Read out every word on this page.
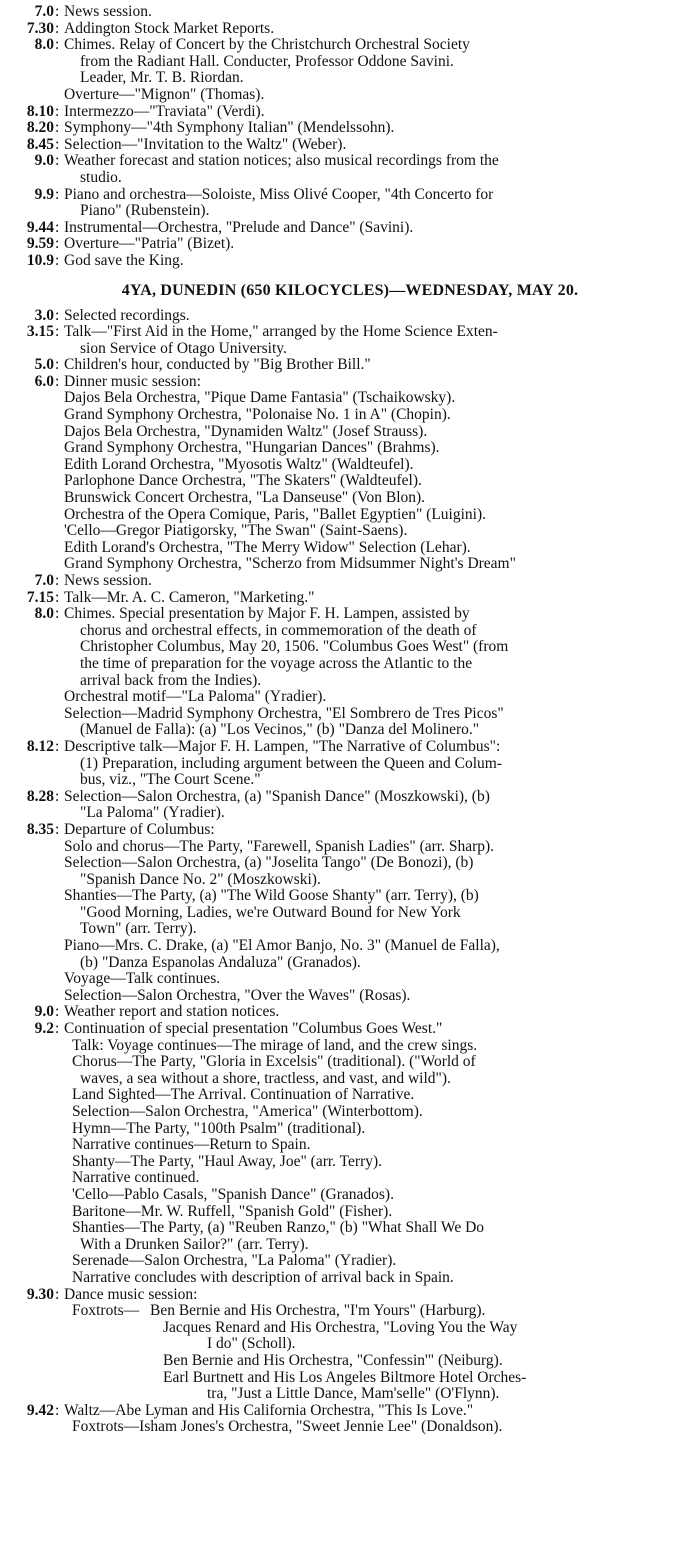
7.0 : News session.
7.30 : Addington Stock Market Reports.
8.0 : Chimes. Relay of Concert by the Christchurch Orchestral Society
from the Radiant Hall. Conducter, Professor Oddone Savini.
Leader, Mr. T. B. Riordan.
Overture—"Mignon" (Thomas).
8.10 : Intermezzo—"Traviata" (Verdi).
8.20 : Symphony—"4th Symphony Italian" (Mendelssohn).
8.45 : Selection—"Invitation to the Waltz" (Weber).
9.0 : Weather forecast and station notices; also musical recordings from the
studio.
9.9 : Piano and orchestra—Soloiste, Miss Olivé Cooper, "4th Concerto for
Piano" (Rubenstein).
9.44 : Instrumental—Orchestra, "Prelude and Dance" (Savini).
9.59 : Overture—"Patria" (Bizet).
10.9 : God save the King.
4YA, DUNEDIN (650 KILOCYCLES)—WEDNESDAY, MAY 20.
3.0 : Selected recordings.
3.15 : Talk—"First Aid in the Home," arranged by the Home Science Exten-
sion Service of Otago University.
5.0 : Children's hour, conducted by "Big Brother Bill."
6.0 : Dinner music session:
Dajos Bela Orchestra, "Pique Dame Fantasia" (Tschaikowsky).
Grand Symphony Orchestra, "Polonaise No. 1 in A" (Chopin).
Dajos Bela Orchestra, "Dynamiden Waltz" (Josef Strauss).
Grand Symphony Orchestra, "Hungarian Dances" (Brahms).
Edith Lorand Orchestra, "Myosotis Waltz" (Waldteufel).
Parlophone Dance Orchestra, "The Skaters" (Waldteufel).
Brunswick Concert Orchestra, "La Danseuse" (Von Blon).
Orchestra of the Opera Comique, Paris, "Ballet Egyptien" (Luigini).
'Cello—Gregor Piatigorsky, "The Swan" (Saint-Saens).
Edith Lorand's Orchestra, "The Merry Widow" Selection (Lehar).
Grand Symphony Orchestra, "Scherzo from Midsummer Night's Dream"
7.0 : News session.
7.15 : Talk—Mr. A. C. Cameron, "Marketing."
8.0 : Chimes. Special presentation by Major F. H. Lampen, assisted by
chorus and orchestral effects, in commemoration of the death of
Christopher Columbus, May 20, 1506. "Columbus Goes West" (from
the time of preparation for the voyage across the Atlantic to the
arrival back from the Indies).
Orchestral motif—"La Paloma" (Yradier).
Selection—Madrid Symphony Orchestra, "El Sombrero de Tres Picos"
(Manuel de Falla): (a) "Los Vecinos," (b) "Danza del Molinero."
8.12 : Descriptive talk—Major F. H. Lampen, "The Narrative of Columbus":
(1) Preparation, including argument between the Queen and Colum-
bus, viz., "The Court Scene."
8.28 : Selection—Salon Orchestra, (a) "Spanish Dance" (Moszkowski), (b)
"La Paloma" (Yradier).
8.35 : Departure of Columbus:
Solo and chorus—The Party, "Farewell, Spanish Ladies" (arr. Sharp).
Selection—Salon Orchestra, (a) "Joselita Tango" (De Bonozi), (b)
"Spanish Dance No. 2" (Moszkowski).
Shanties—The Party, (a) "The Wild Goose Shanty" (arr. Terry), (b)
"Good Morning, Ladies, we're Outward Bound for New York
Town" (arr. Terry).
Piano—Mrs. C. Drake, (a) "El Amor Banjo, No. 3" (Manuel de Falla),
(b) "Danza Espanolas Andaluza" (Granados).
Voyage—Talk continues.
Selection—Salon Orchestra, "Over the Waves" (Rosas).
9.0 : Weather report and station notices.
9.2 : Continuation of special presentation "Columbus Goes West."
Talk: Voyage continues—The mirage of land, and the crew sings.
Chorus—The Party, "Gloria in Excelsis" (traditional). ("World of
waves, a sea without a shore, tractless, and vast, and wild").
Land Sighted—The Arrival. Continuation of Narrative.
Selection—Salon Orchestra, "America" (Winterbottom).
Hymn—The Party, "100th Psalm" (traditional).
Narrative continues—Return to Spain.
Shanty—The Party, "Haul Away, Joe" (arr. Terry).
Narrative continued.
'Cello—Pablo Casals, "Spanish Dance" (Granados).
Baritone—Mr. W. Ruffell, "Spanish Gold" (Fisher).
Shanties—The Party, (a) "Reuben Ranzo," (b) "What Shall We Do
With a Drunken Sailor?" (arr. Terry).
Serenade—Salon Orchestra, "La Paloma" (Yradier).
Narrative concludes with description of arrival back in Spain.
9.30 : Dance music session:
Foxtrots— Ben Bernie and His Orchestra, "I'm Yours" (Harburg).
Jacques Renard and His Orchestra, "Loving You the Way
I do" (Scholl).
Ben Bernie and His Orchestra, "Confessin'" (Neiburg).
Earl Burtnett and His Los Angeles Biltmore Hotel Orches-
tra, "Just a Little Dance, Mam'selle" (O'Flynn).
9.42 : Waltz—Abe Lyman and His California Orchestra, "This Is Love."
Foxtrots—Isham Jones's Orchestra, "Sweet Jennie Lee" (Donaldson).
